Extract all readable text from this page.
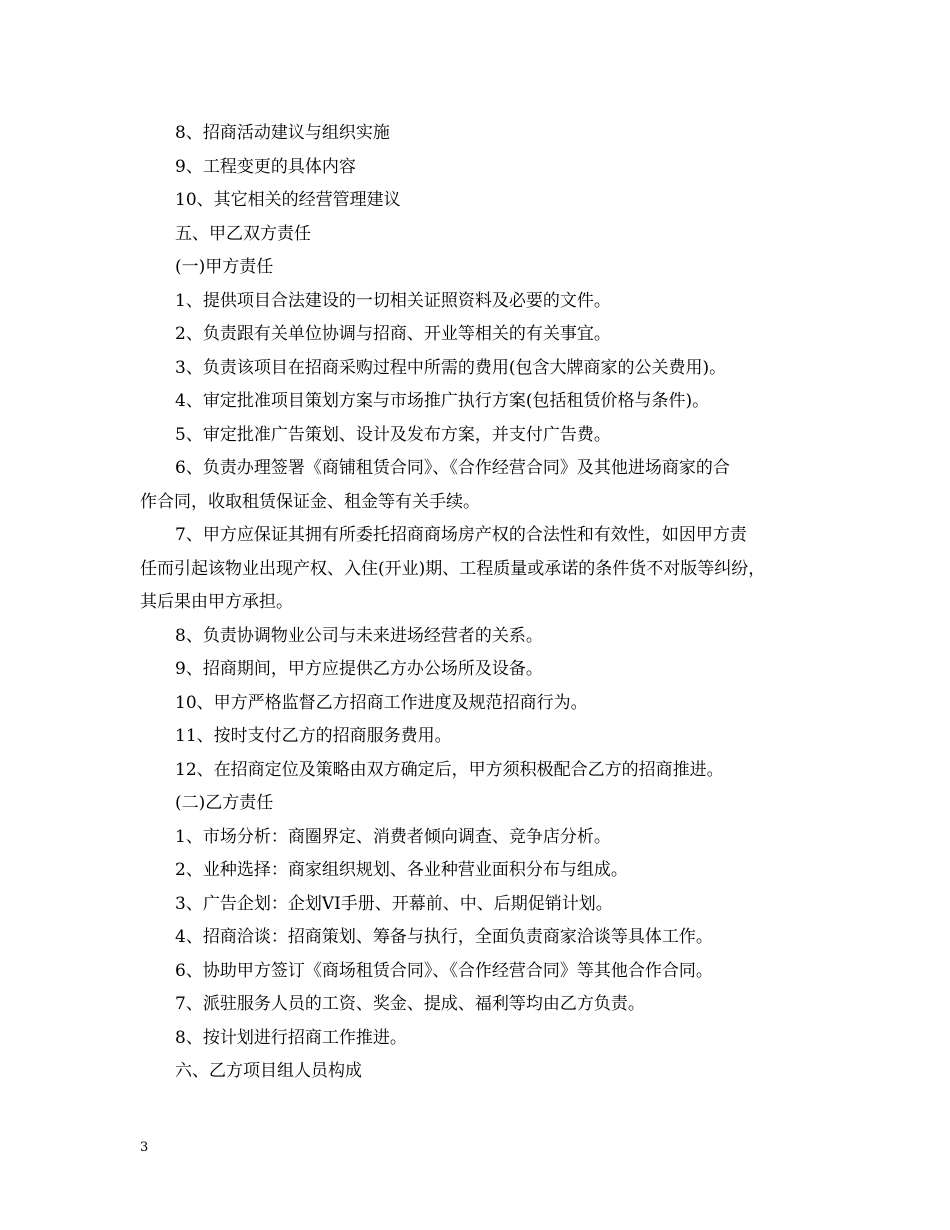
8、招商活动建议与组织实施

9、工程变更的具体内容

10、其它相关的经营管理建议

五、甲乙双方责任

(一)甲方责任

1、提供项目合法建设的一切相关证照资料及必要的文件。

2、负责跟有关单位协调与招商、开业等相关的有关事宜。

3、负责该项目在招商采购过程中所需的费用(包含大牌商家的公关费用)。

4、审定批准项目策划方案与市场推广执行方案(包括租赁价格与条件)。

5、审定批准广告策划、设计及发布方案，并支付广告费。

6、负责办理签署《商铺租赁合同》、《合作经营合同》及其他进场商家的合

作合同，收取租赁保证金、租金等有关手续。

7、甲方应保证其拥有所委托招商商场房产权的合法性和有效性，如因甲方责

任而引起该物业出现产权、入住(开业)期、工程质量或承诺的条件货不对版等纠纷，

其后果由甲方承担。

8、负责协调物业公司与未来进场经营者的关系。

9、招商期间，甲方应提供乙方办公场所及设备。

10、甲方严格监督乙方招商工作进度及规范招商行为。

11、按时支付乙方的招商服务费用。

12、在招商定位及策略由双方确定后，甲方须积极配合乙方的招商推进。

(二)乙方责任

1、市场分析：商圈界定、消费者倾向调查、竞争店分析。

2、业种选择：商家组织规划、各业种营业面积分布与组成。

3、广告企划：企划VI手册、开幕前、中、后期促销计划。

4、招商洽谈：招商策划、筹备与执行，全面负责商家洽谈等具体工作。

6、协助甲方签订《商场租赁合同》、《合作经营合同》等其他合作合同。

7、派驻服务人员的工资、奖金、提成、福利等均由乙方负责。

8、按计划进行招商工作推进。

六、乙方项目组人员构成

3
